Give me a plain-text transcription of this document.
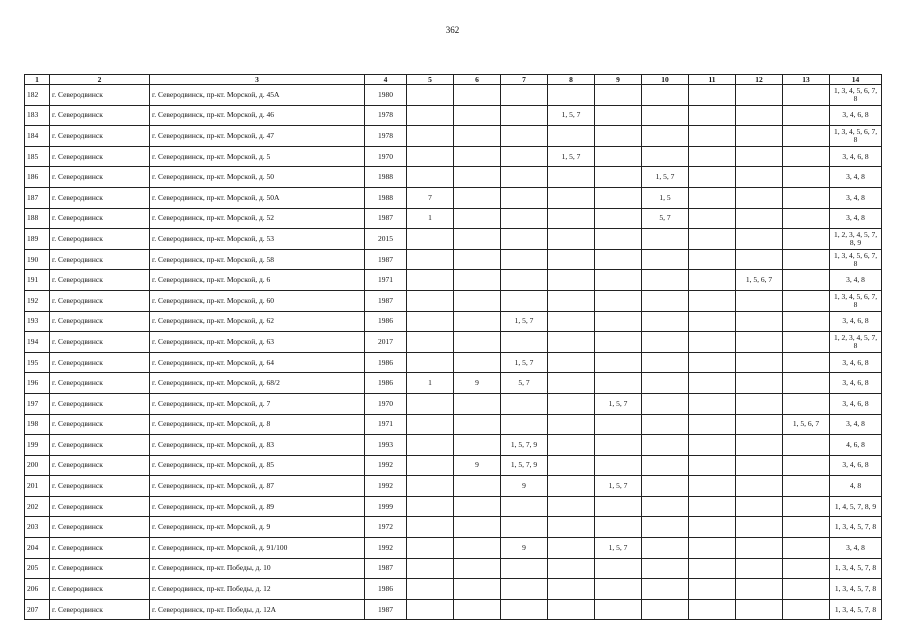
362
1	2	3	4	5	6	7	8	9	10	11	12	13	14
182	г. Северодвинск	г. Северодвинск, пр-кт. Морской, д. 45А	1980										1, 3, 4, 5, 6, 7, 8
183	г. Северодвинск	г. Северодвинск, пр-кт. Морской, д. 46	1978				1, 5, 7						3, 4, 6, 8
184	г. Северодвинск	г. Северодвинск, пр-кт. Морской, д. 47	1978										1, 3, 4, 5, 6, 7, 8
185	г. Северодвинск	г. Северодвинск, пр-кт. Морской, д. 5	1970				1, 5, 7						3, 4, 6, 8
186	г. Северодвинск	г. Северодвинск, пр-кт. Морской, д. 50	1988						1, 5, 7				3, 4, 8
187	г. Северодвинск	г. Северодвинск, пр-кт. Морской, д. 50А	1988	7					1, 5				3, 4, 8
188	г. Северодвинск	г. Северодвинск, пр-кт. Морской, д. 52	1987	1					5, 7				3, 4, 8
189	г. Северодвинск	г. Северодвинск, пр-кт. Морской, д. 53	2015										1, 2, 3, 4, 5, 7, 8, 9
190	г. Северодвинск	г. Северодвинск, пр-кт. Морской, д. 58	1987										1, 3, 4, 5, 6, 7, 8
191	г. Северодвинск	г. Северодвинск, пр-кт. Морской, д. 6	1971								1, 5, 6, 7		3, 4, 8
192	г. Северодвинск	г. Северодвинск, пр-кт. Морской, д. 60	1987										1, 3, 4, 5, 6, 7, 8
193	г. Северодвинск	г. Северодвинск, пр-кт. Морской, д. 62	1986			1, 5, 7							3, 4, 6, 8
194	г. Северодвинск	г. Северодвинск, пр-кт. Морской, д. 63	2017										1, 2, 3, 4, 5, 7, 8
195	г. Северодвинск	г. Северодвинск, пр-кт. Морской, д. 64	1986			1, 5, 7							3, 4, 6, 8
196	г. Северодвинск	г. Северодвинск, пр-кт. Морской, д. 68/2	1986	1	9	5, 7							3, 4, 6, 8
197	г. Северодвинск	г. Северодвинск, пр-кт. Морской, д. 7	1970					1, 5, 7					3, 4, 6, 8
198	г. Северодвинск	г. Северодвинск, пр-кт. Морской, д. 8	1971									1, 5, 6, 7	3, 4, 8
199	г. Северодвинск	г. Северодвинск, пр-кт. Морской, д. 83	1993			1, 5, 7, 9							4, 6, 8
200	г. Северодвинск	г. Северодвинск, пр-кт. Морской, д. 85	1992		9	1, 5, 7, 9							3, 4, 6, 8
201	г. Северодвинск	г. Северодвинск, пр-кт. Морской, д. 87	1992			9		1, 5, 7					4, 8
202	г. Северодвинск	г. Северодвинск, пр-кт. Морской, д. 89	1999										1, 4, 5, 7, 8, 9
203	г. Северодвинск	г. Северодвинск, пр-кт. Морской, д. 9	1972										1, 3, 4, 5, 7, 8
204	г. Северодвинск	г. Северодвинск, пр-кт. Морской, д. 91/100	1992			9		1, 5, 7					3, 4, 8
205	г. Северодвинск	г. Северодвинск, пр-кт. Победы, д. 10	1987										1, 3, 4, 5, 7, 8
206	г. Северодвинск	г. Северодвинск, пр-кт. Победы, д. 12	1986										1, 3, 4, 5, 7, 8
207	г. Северодвинск	г. Северодвинск, пр-кт. Победы, д. 12А	1987										1, 3, 4, 5, 7, 8
